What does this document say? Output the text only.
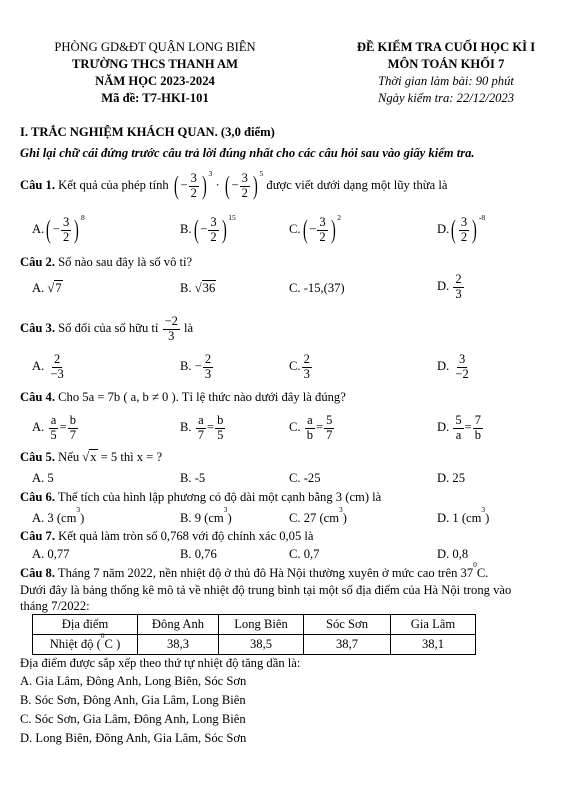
PHÒNG GD&ĐT QUẬN LONG BIÊN
TRƯỜNG THCS THANH AM
NĂM HỌC 2023-2024
Mã đề: T7-HKI-101
ĐỀ KIỂM TRA CUỐI HỌC KÌ I
MÔN TOÁN KHỐI 7
Thời gian làm bài: 90 phút
Ngày kiểm tra: 22/12/2023
I. TRẮC NGHIỆM KHÁCH QUAN. (3,0 điểm)
Ghi lại chữ cái đứng trước câu trả lời đúng nhất cho các câu hỏi sau vào giấy kiểm tra.
Câu 1. Kết quả của phép tính ( − $\frac{3}{2}$ ) $^3$ · ( − $\frac{3}{2}$ ) $^5$ được viết dưới dạng một lũy thừa là
$A.( - \frac{3}{2}$ ) $^8$
$B.( - \frac{3}{2}$ ) $^{15}$
$C.( - \frac{3}{2}$ ) $^2$
$D.( \frac{3}{2}$ ) $^{-8}$
Câu 2. Số nào sau đây là số vô tỉ?
A. √7	B. √36	C. -15,(37)	D. $\frac{2}{3}$
Câu 3. Số đối của số hữu tỉ $\frac{-2}{3}$ là
A. $\frac{2}{-3}$	B. − $\frac{2}{3}$	C. $\frac{2}{3}$	D. $\frac{3}{-2}$
Câu 4. Cho 5a = 7b ( a, b ≠ 0 ). Tỉ lệ thức nào dưới đây là đúng?
A. $\frac{a}{5} = \frac{b}{7}$	B. $\frac{a}{7} = \frac{b}{5}$	C. $\frac{a}{b} = \frac{5}{7}$	D. $\frac{5}{a} = \frac{7}{b}$
Câu 5. Nếu √x = 5 thì x = ?
A. 5	B. -5	C. -25	D. 25
Câu 6. Thể tích của hình lập phương có độ dài một cạnh bằng 3 (cm) là
A. 3 $(cm^3)$	B. 9 $(cm^3)$	C. 27 $(cm^3)$	D. 1 $(cm^3)$
Câu 7. Kết quả làm tròn số 0,768 với độ chính xác 0,05 là
A. 0,77	B. 0,76	C. 0,7	D. 0,8
Câu 8. Tháng 7 năm 2022, nền nhiệt độ ở thủ đô Hà Nội thường xuyên ở mức cao trên $37^0C$.
Dưới đây là bảng thống kê mô tả về nhiệt độ trung bình tại một số địa điểm của Hà Nội trong vào
tháng 7/2022:
Địa điểm	Đông Anh	Long Biên	Sóc Sơn	Gia Lâm
Nhiệt độ ($^0$C )	38,3	38,5	38,7	38,1
Địa điểm được sắp xếp theo thứ tự nhiệt độ tăng dần là:
A. Gia Lâm, Đông Anh, Long Biên, Sóc Sơn
B. Sóc Sơn, Đông Anh, Gia Lâm, Long Biên
C. Sóc Sơn, Gia Lâm, Đông Anh, Long Biên
D. Long Biên, Đông Anh, Gia Lâm, Sóc Sơn
